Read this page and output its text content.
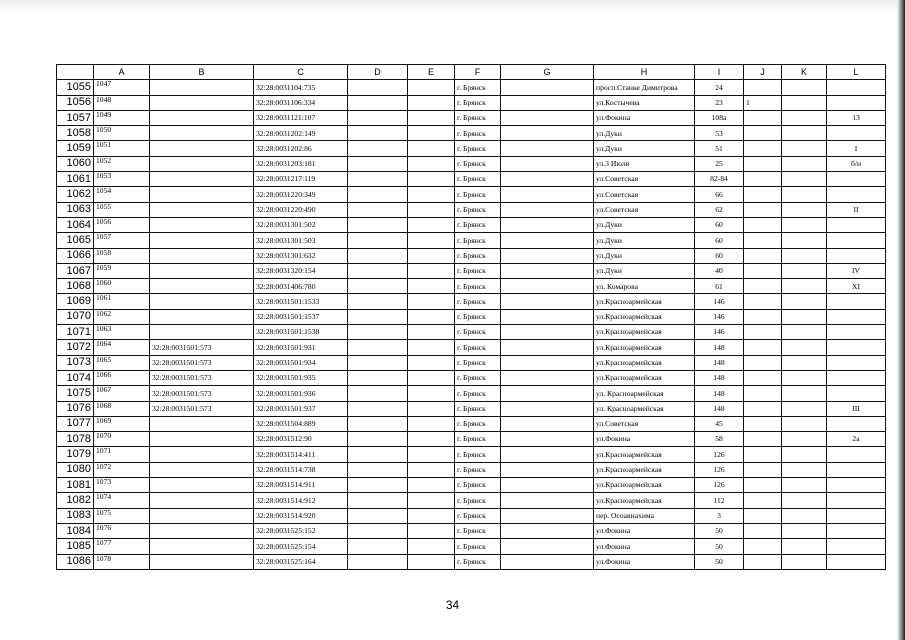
	A	B	C	D	E	F	G	H	I	J	K	L
1055	1047		32:28:0031104:735			г. Брянск		просп.Станке Димитрова	24			
1056	1048		32:28:0031106:334			г. Брянск		ул.Костычева	23	1		
1057	1049		32:28:0031121:107			г. Брянск		ул.Фокина	108а			13
1058	1050		32:28:0031202:149			г. Брянск		ул.Дуки	53			
1059	1051		32:28:0031202:86			г. Брянск		ул.Дуки	51			I
1060	1052		32:28:0031203:181			г. Брянск		ул.3 Июля	25			б/н
1061	1053		32:28:0031217:119			г. Брянск		ул.Советская	82-84			
1062	1054		32:28:0031220:349			г. Брянск		ул.Советская	66			
1063	1055		32:28:0031220:490			г. Брянск		ул.Советская	62			II
1064	1056		32:28:0031301:502			г. Брянск		ул.Дуки	60			
1065	1057		32:28:0031301:503			г. Брянск		ул.Дуки	60			
1066	1058		32:28:0031301:632			г. Брянск		ул.Дуки	60			
1067	1059		32:28:0031320:154			г. Брянск		ул.Дуки	40			IV
1068	1060		32:28:0031406:780			г. Брянск		ул. Комарова	61			XI
1069	1061		32:28:0031501:1533			г. Брянск		ул.Красноармейская	146			
1070	1062		32:28:0031501:1537			г. Брянск		ул.Красноармейская	146			
1071	1063		32:28:0031501:1538			г. Брянск		ул.Красноармейская	146			
1072	1064	32:28:0031501:573	32:28:0031501:931			г. Брянск		ул.Красноармейская	148			
1073	1065	32:28:0031501:573	32:28:0031501:934			г. Брянск		ул.Красноармейская	148			
1074	1066	32:28:0031501:573	32:28:0031501:935			г. Брянск		ул.Красноармейская	148			
1075	1067	32:28:0031501:573	32:28:0031501:936			г. Брянск		ул. Красноармейская	148			
1076	1068	32:28:0031501:573	32:28:0031501:937			г. Брянск		ул. Красноармейская	148			III
1077	1069		32:28:0031504:889			г. Брянск		ул.Советская	45			
1078	1070		32:28:0031512:90			г. Брянск		ул.Фокина	58			2а
1079	1071		32:28:0031514:411			г. Брянск		ул.Красноармейская	126			
1080	1072		32:28:0031514:738			г. Брянск		ул.Красноармейская	126			
1081	1073		32:28:0031514:911			г. Брянск		ул.Красноармейская	126			
1082	1074		32:28:0031514:912			г. Брянск		ул.Красноармейская	112			
1083	1075		32:28:0031514:920			г. Брянск		пер. Осоавиахима	3			
1084	1076		32:28:0031525:152			г. Брянск		ул.Фокина	50			
1085	1077		32:28:0031525:154			г. Брянск		ул.Фокина	50			
1086	1078		32:28:0031525:164			г. Брянск		ул.Фокина	50			
34
